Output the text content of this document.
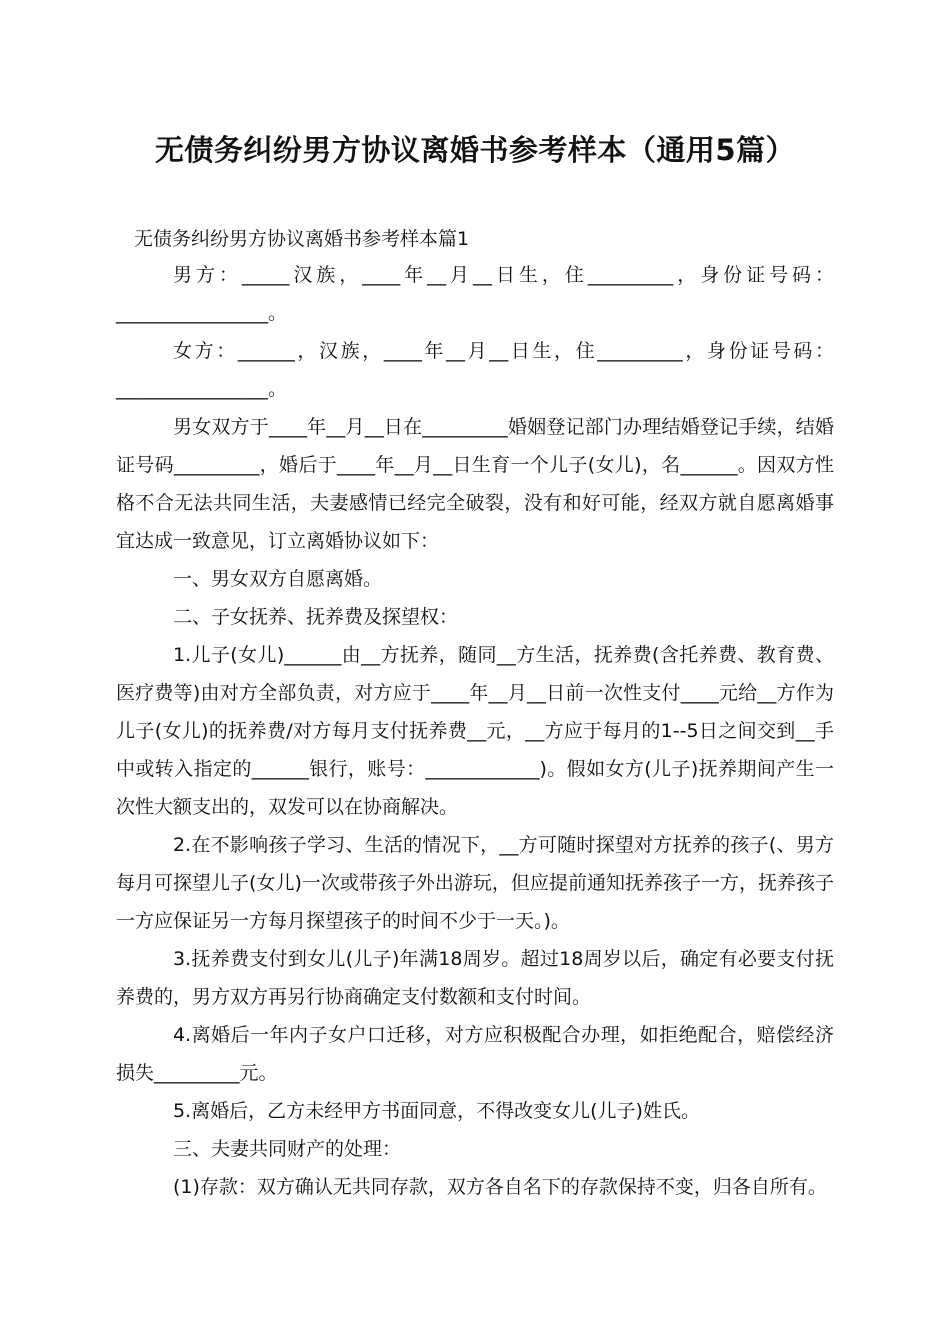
无债务纠纷男方协议离婚书参考样本（通用5篇）
无债务纠纷男方协议离婚书参考样本篇1

男方：_____汉族，____年__月__日生，住_________，身份证号码：________________。

女方：______，汉族，____年__月__日生，住_________，身份证号码：________________。

男女双方于____年__月__日在_________婚姻登记部门办理结婚登记手续，结婚证号码_________，婚后于____年__月__日生育一个儿子(女儿)，名______。因双方性格不合无法共同生活，夫妻感情已经完全破裂，没有和好可能，经双方就自愿离婚事宜达成一致意见，订立离婚协议如下：

一、男女双方自愿离婚。

二、子女抚养、抚养费及探望权：

1.儿子(女儿)______由__方抚养，随同__方生活，抚养费(含托养费、教育费、医疗费等)由对方全部负责，对方应于____年__月__日前一次性支付____元给__方作为儿子(女儿)的抚养费/对方每月支付抚养费__元，__方应于每月的1--5日之间交到__手中或转入指定的______银行，账号：____________)。假如女方(儿子)抚养期间产生一次性大额支出的，双发可以在协商解决。

2.在不影响孩子学习、生活的情况下，__方可随时探望对方抚养的孩子(、男方每月可探望儿子(女儿)一次或带孩子外出游玩，但应提前通知抚养孩子一方，抚养孩子一方应保证另一方每月探望孩子的时间不少于一天。)。

3.抚养费支付到女儿(儿子)年满18周岁。超过18周岁以后，确定有必要支付抚养费的，男方双方再另行协商确定支付数额和支付时间。

4.离婚后一年内子女户口迁移，对方应积极配合办理，如拒绝配合，赔偿经济损失_________元。

5.离婚后，乙方未经甲方书面同意，不得改变女儿(儿子)姓氏。

三、夫妻共同财产的处理：

(1)存款：双方确认无共同存款，双方各自名下的存款保持不变，归各自所有。
